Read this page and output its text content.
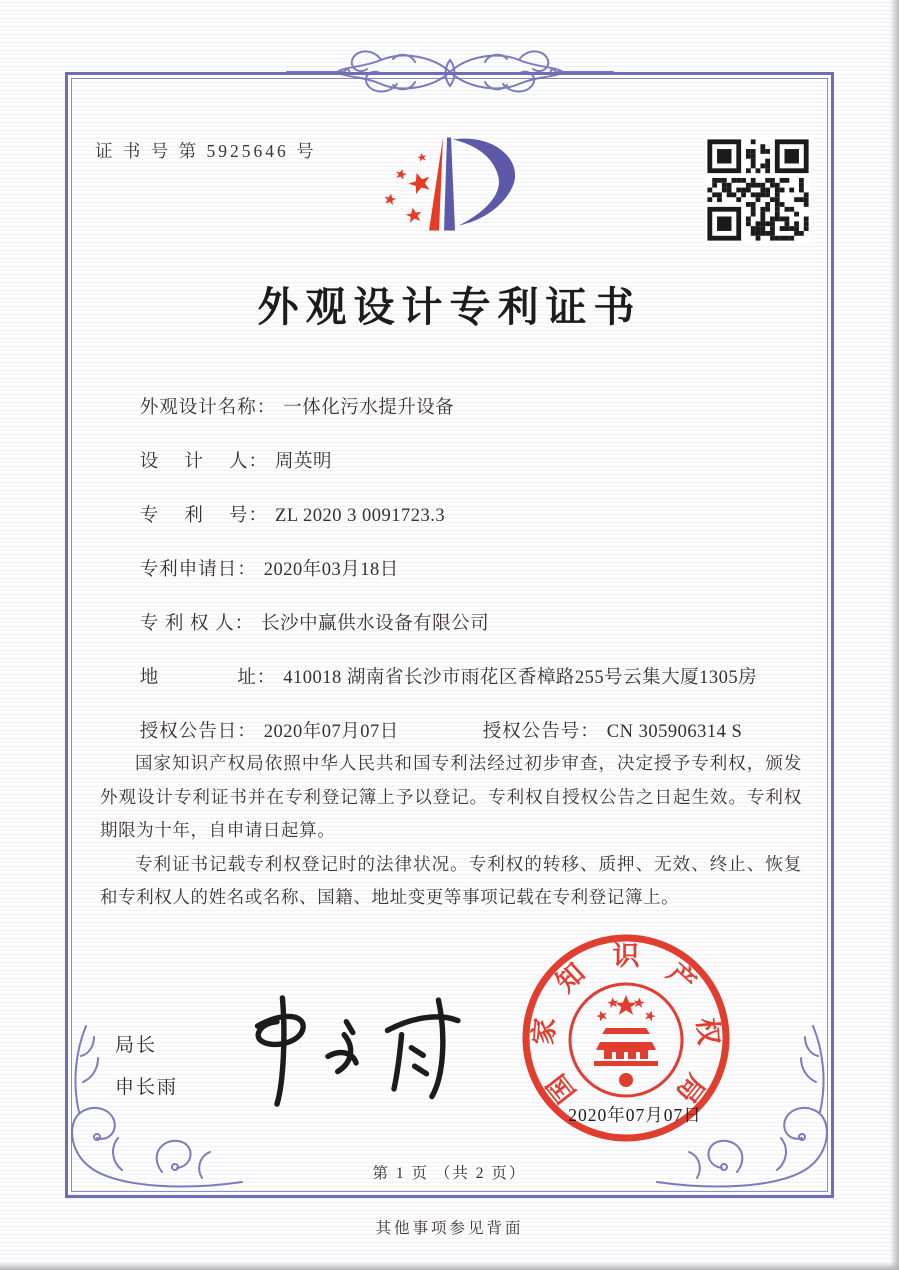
证 书 号 第 5925646 号
外观设计专利证书

外观设计名称： 一体化污水提升设备

设　 计　 人： 周英明

专　 利　 号： ZL 2020 3 0091723.3

专利申请日： 2020年03月18日

专 利 权 人： 长沙中赢供水设备有限公司

地　　　　址： 410018 湖南省长沙市雨花区香樟路255号云集大厦1305房

授权公告日： 2020年07月07日	授权公告号： CN 305906314 S

国家知识产权局依照中华人民共和国专利法经过初步审查，决定授予专利权，颁发外观设计专利证书并在专利登记簿上予以登记。专利权自授权公告之日起生效。专利权期限为十年，自申请日起算。

专利证书记载专利权登记时的法律状况。专利权的转移、质押、无效、终止、恢复和专利权人的姓名或名称、国籍、地址变更等事项记载在专利登记簿上。

局长
申长雨	国
家
知
识
产
权
局
2020年07月07日
第 1 页 （共 2 页）
其他事项参见背面
